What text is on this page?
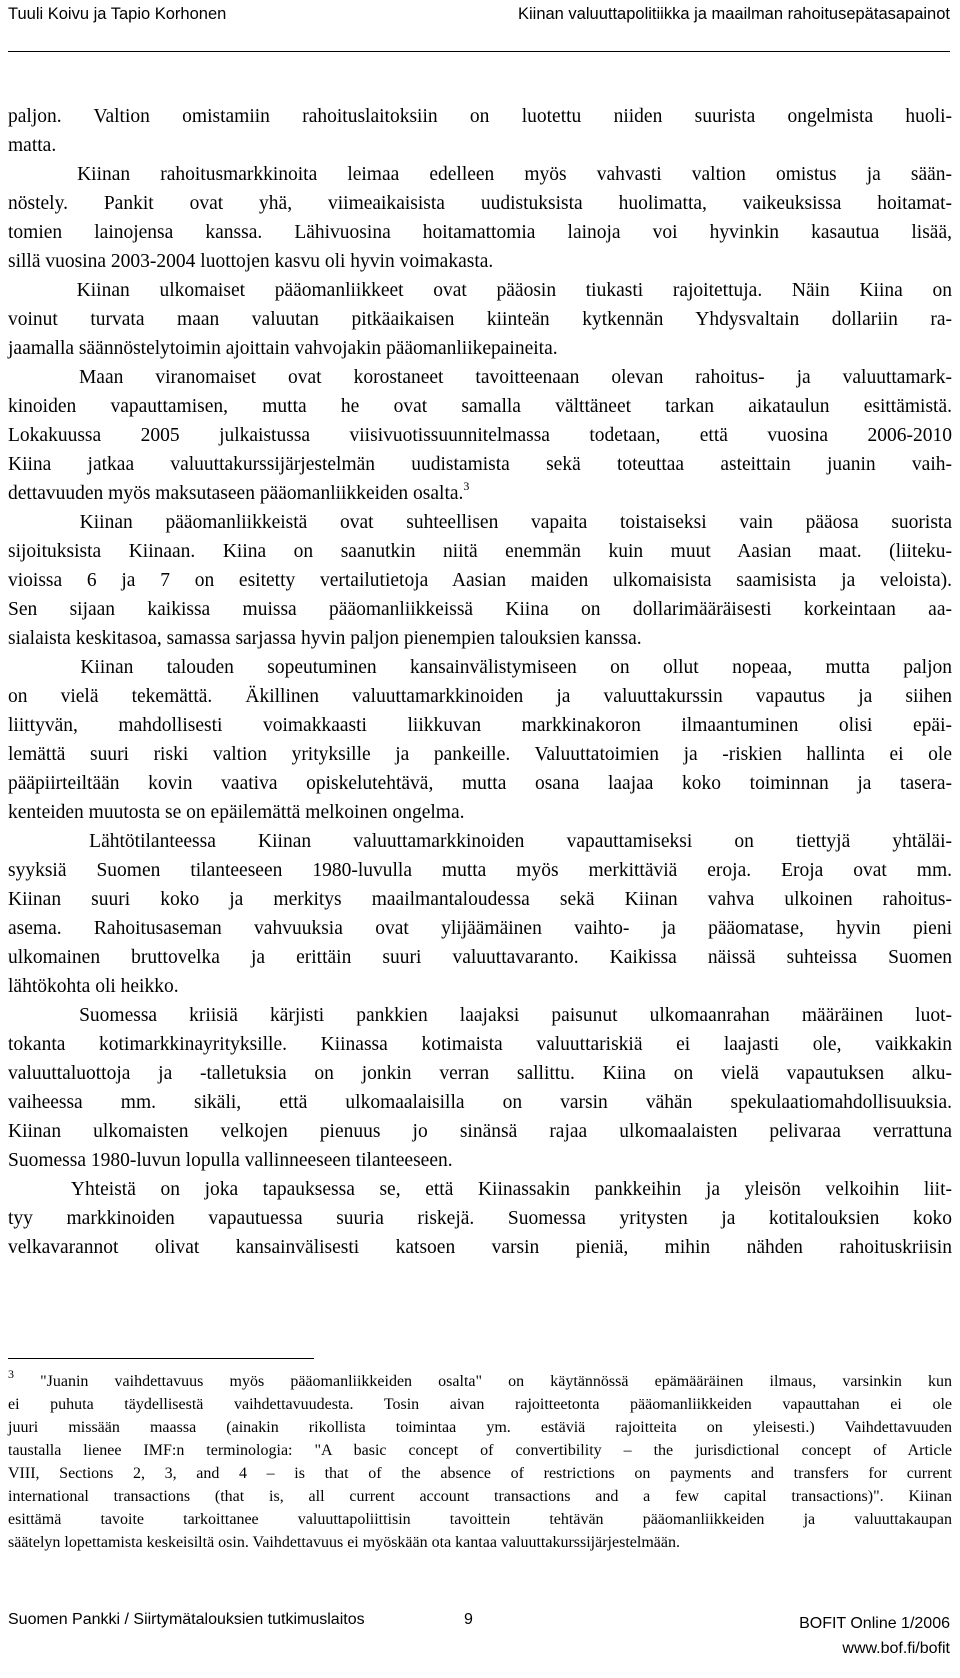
Tuuli Koivu ja Tapio Korhonen	Kiinan valuuttapolitiikka ja maailman rahoitusepätasapainot
paljon. Valtion omistamiin rahoituslaitoksiin on luotettu niiden suurista ongelmista huoli-
matta.
   Kiinan rahoitusmarkkinoita leimaa edelleen myös vahvasti valtion omistus ja sään-
nöstely. Pankit ovat yhä, viimeaikaisista uudistuksista huolimatta, vaikeuksissa hoitamat-
tomien lainojensa kanssa. Lähivuosina hoitamattomia lainoja voi hyvinkin kasautua lisää,
sillä vuosina 2003-2004 luottojen kasvu oli hyvin voimakasta.
   Kiinan ulkomaiset pääomanliikkeet ovat pääosin tiukasti rajoitettuja. Näin Kiina on
voinut turvata maan valuutan pitkäaikaisen kiinteän kytkennän Yhdysvaltain dollariin ra-
jaamalla säännöstelytoimin ajoittain vahvojakin pääomanliikepaineita.
   Maan viranomaiset ovat korostaneet tavoitteenaan olevan rahoitus- ja valuuttamark-
kinoiden vapauttamisen, mutta he ovat samalla välttäneet tarkan aikataulun esittämistä.
Lokakuussa 2005 julkaistussa viisivuotissuunnitelmassa todetaan, että vuosina 2006-2010
Kiina jatkaa valuuttakurssijärjestelmän uudistamista sekä toteuttaa asteittain juanin vaih-
dettavuuden myös maksutaseen pääomanliikkeiden osalta.$^3$
   Kiinan pääomanliikkeistä ovat suhteellisen vapaita toistaiseksi vain pääosa suorista
sijoituksista Kiinaan. Kiina on saanutkin niitä enemmän kuin muut Aasian maat. (liiteku-
vioissa 6 ja 7 on esitetty vertailutietoja Aasian maiden ulkomaisista saamisista ja veloista).
Sen sijaan kaikissa muissa pääomanliikkeissä Kiina on dollarimääräisesti korkeintaan aa-
sialaista keskitasoa, samassa sarjassa hyvin paljon pienempien talouksien kanssa.
   Kiinan talouden sopeutuminen kansainvälistymiseen on ollut nopeaa, mutta paljon
on vielä tekemättä. Äkillinen valuuttamarkkinoiden ja valuuttakurssin vapautus ja siihen
liittyvän, mahdollisesti voimakkaasti liikkuvan markkinakoron ilmaantuminen olisi epäi-
lemättä suuri riski valtion yrityksille ja pankeille. Valuuttatoimien ja -riskien hallinta ei ole
pääpiirteiltään kovin vaativa opiskelutehtävä, mutta osana laajaa koko toiminnan ja tasera-
kenteiden muutosta se on epäilemättä melkoinen ongelma.
   Lähtötilanteessa Kiinan valuuttamarkkinoiden vapauttamiseksi on tiettyjä yhtäläi-
syyksiä Suomen tilanteeseen 1980-luvulla mutta myös merkittäviä eroja. Eroja ovat mm.
Kiinan suuri koko ja merkitys maailmantaloudessa sekä Kiinan vahva ulkoinen rahoitus-
asema. Rahoitusaseman vahvuuksia ovat ylijäämäinen vaihto- ja pääomatase, hyvin pieni
ulkomainen bruttovelka ja erittäin suuri valuuttavaranto. Kaikissa näissä suhteissa Suomen
lähtökohta oli heikko.
   Suomessa kriisiä kärjisti pankkien laajaksi paisunut ulkomaanrahan määräinen luot-
tokanta kotimarkkinayrityksille. Kiinassa kotimaista valuuttariskiä ei laajasti ole, vaikkakin
valuuttaluottoja ja -talletuksia on jonkin verran sallittu. Kiina on vielä vapautuksen alku-
vaiheessa mm. sikäli, että ulkomaalaisilla on varsin vähän spekulaatiomahdollisuuksia.
Kiinan ulkomaisten velkojen pienuus jo sinänsä rajaa ulkomaalaisten pelivaraa verrattuna
Suomessa 1980-luvun lopulla vallinneeseen tilanteeseen.
   Yhteistä on joka tapauksessa se, että Kiinassakin pankkeihin ja yleisön velkoihin liit-
tyy markkinoiden vapautuessa suuria riskejä. Suomessa yritysten ja kotitalouksien koko
velkavarannot olivat kansainvälisesti katsoen varsin pieniä, mihin nähden rahoituskriisin
$^3$ "Juanin vaihdettavuus myös pääomanliikkeiden osalta" on käytännössä epämääräinen ilmaus, varsinkin kun
ei puhuta täydellisestä vaihdettavuudesta. Tosin aivan rajoitteetonta pääomanliikkeiden vapauttahan ei ole
juuri missään maassa (ainakin rikollista toimintaa ym. estäviä rajoitteita on yleisesti.) Vaihdettavuuden
taustalla lienee IMF:n terminologia: "A basic concept of convertibility – the jurisdictional concept of Article
VIII, Sections 2, 3, and 4 – is that of the absence of restrictions on payments and transfers for current
international transactions (that is, all current account transactions and a few capital transactions)". Kiinan
esittämä tavoite tarkoittanee valuuttapoliittisin tavoittein tehtävän pääomanliikkeiden ja valuuttakaupan
säätelyn lopettamista keskeisiltä osin. Vaihdettavuus ei myöskään ota kantaa valuuttakurssijärjestelmään.
Suomen Pankki / Siirtymätalouksien tutkimuslaitos	9	BOFIT Online 1/2006
www.bof.fi/bofit
